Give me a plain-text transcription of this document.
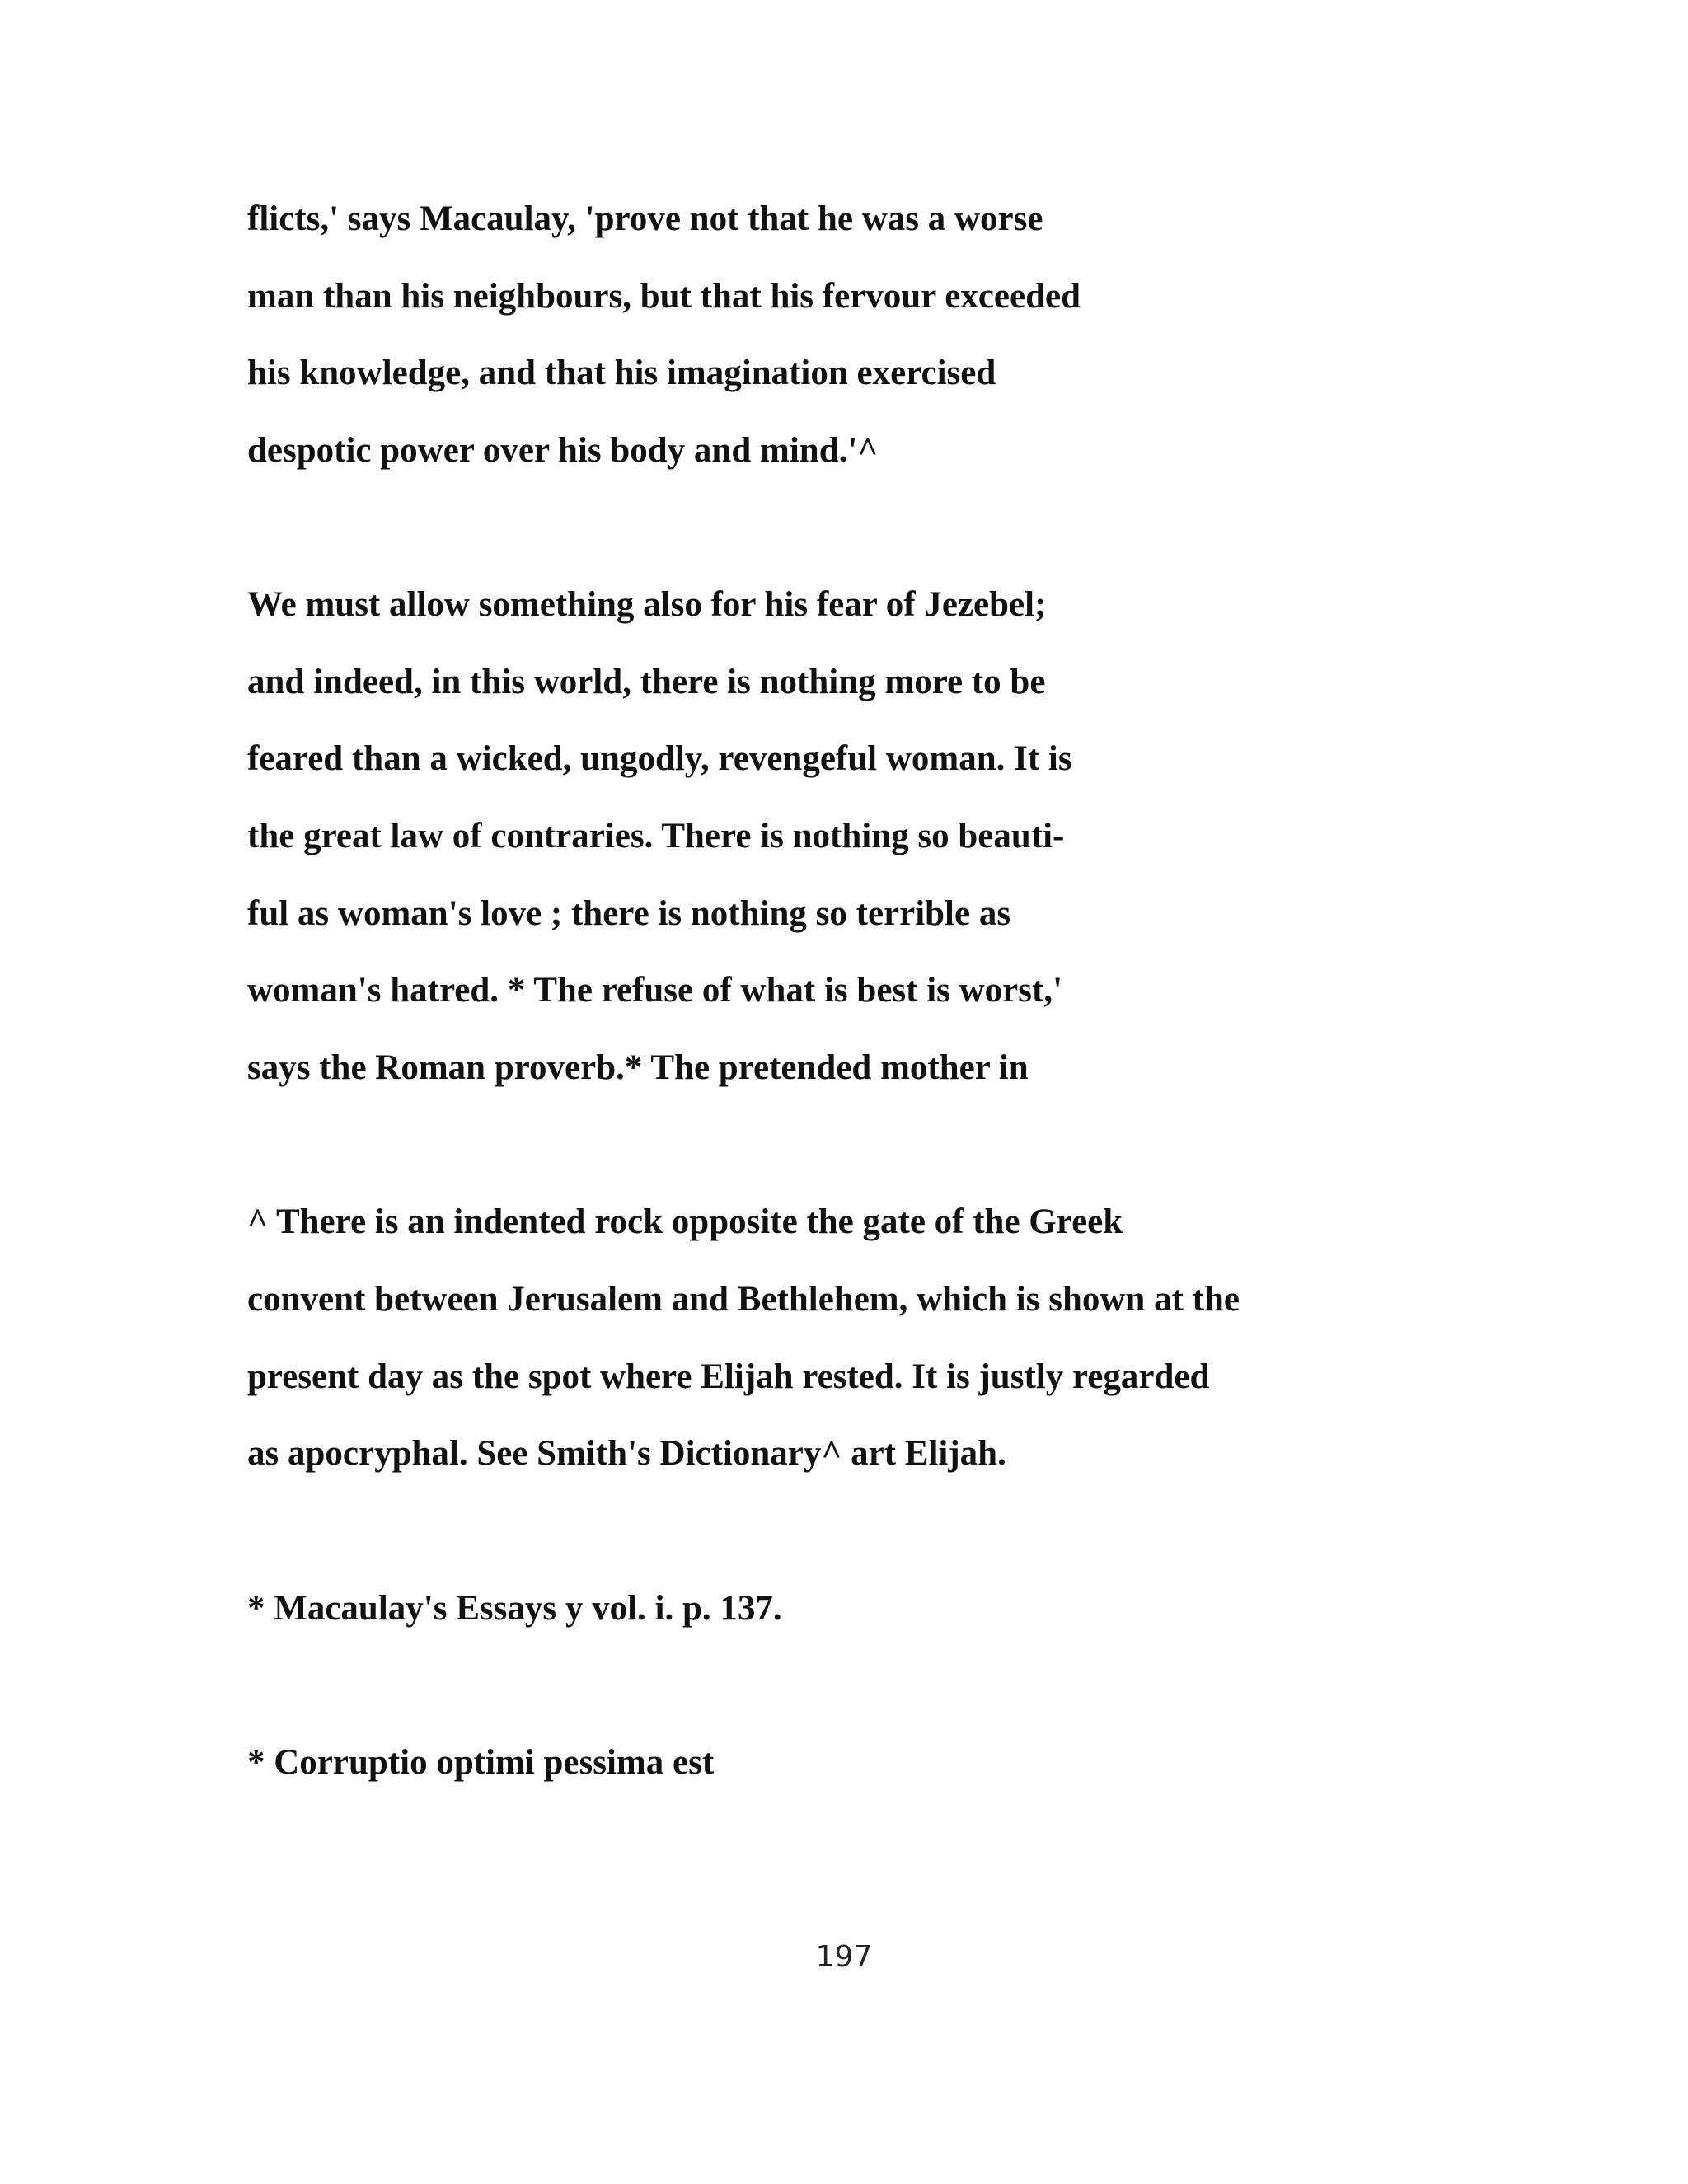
flicts,' says Macaulay, 'prove not that he was a worse

man than his neighbours, but that his fervour exceeded

his knowledge, and that his imagination exercised

despotic power over his body and mind.'^

We must allow something also for his fear of Jezebel;

and indeed, in this world, there is nothing more to be

feared than a wicked, ungodly, revengeful woman. It is

the great law of contraries. There is nothing so beauti-

ful as woman's love ; there is nothing so terrible as

woman's hatred. * The refuse of what is best is worst,'

says the Roman proverb.* The pretended mother in

^ There is an indented rock opposite the gate of the Greek

convent between Jerusalem and Bethlehem, which is shown at the

present day as the spot where Elijah rested. It is justly regarded

as apocryphal. See Smith's Dictionary^ art Elijah.

* Macaulay's Essays y vol. i. p. 137.

* Corruptio optimi pessima est

197
